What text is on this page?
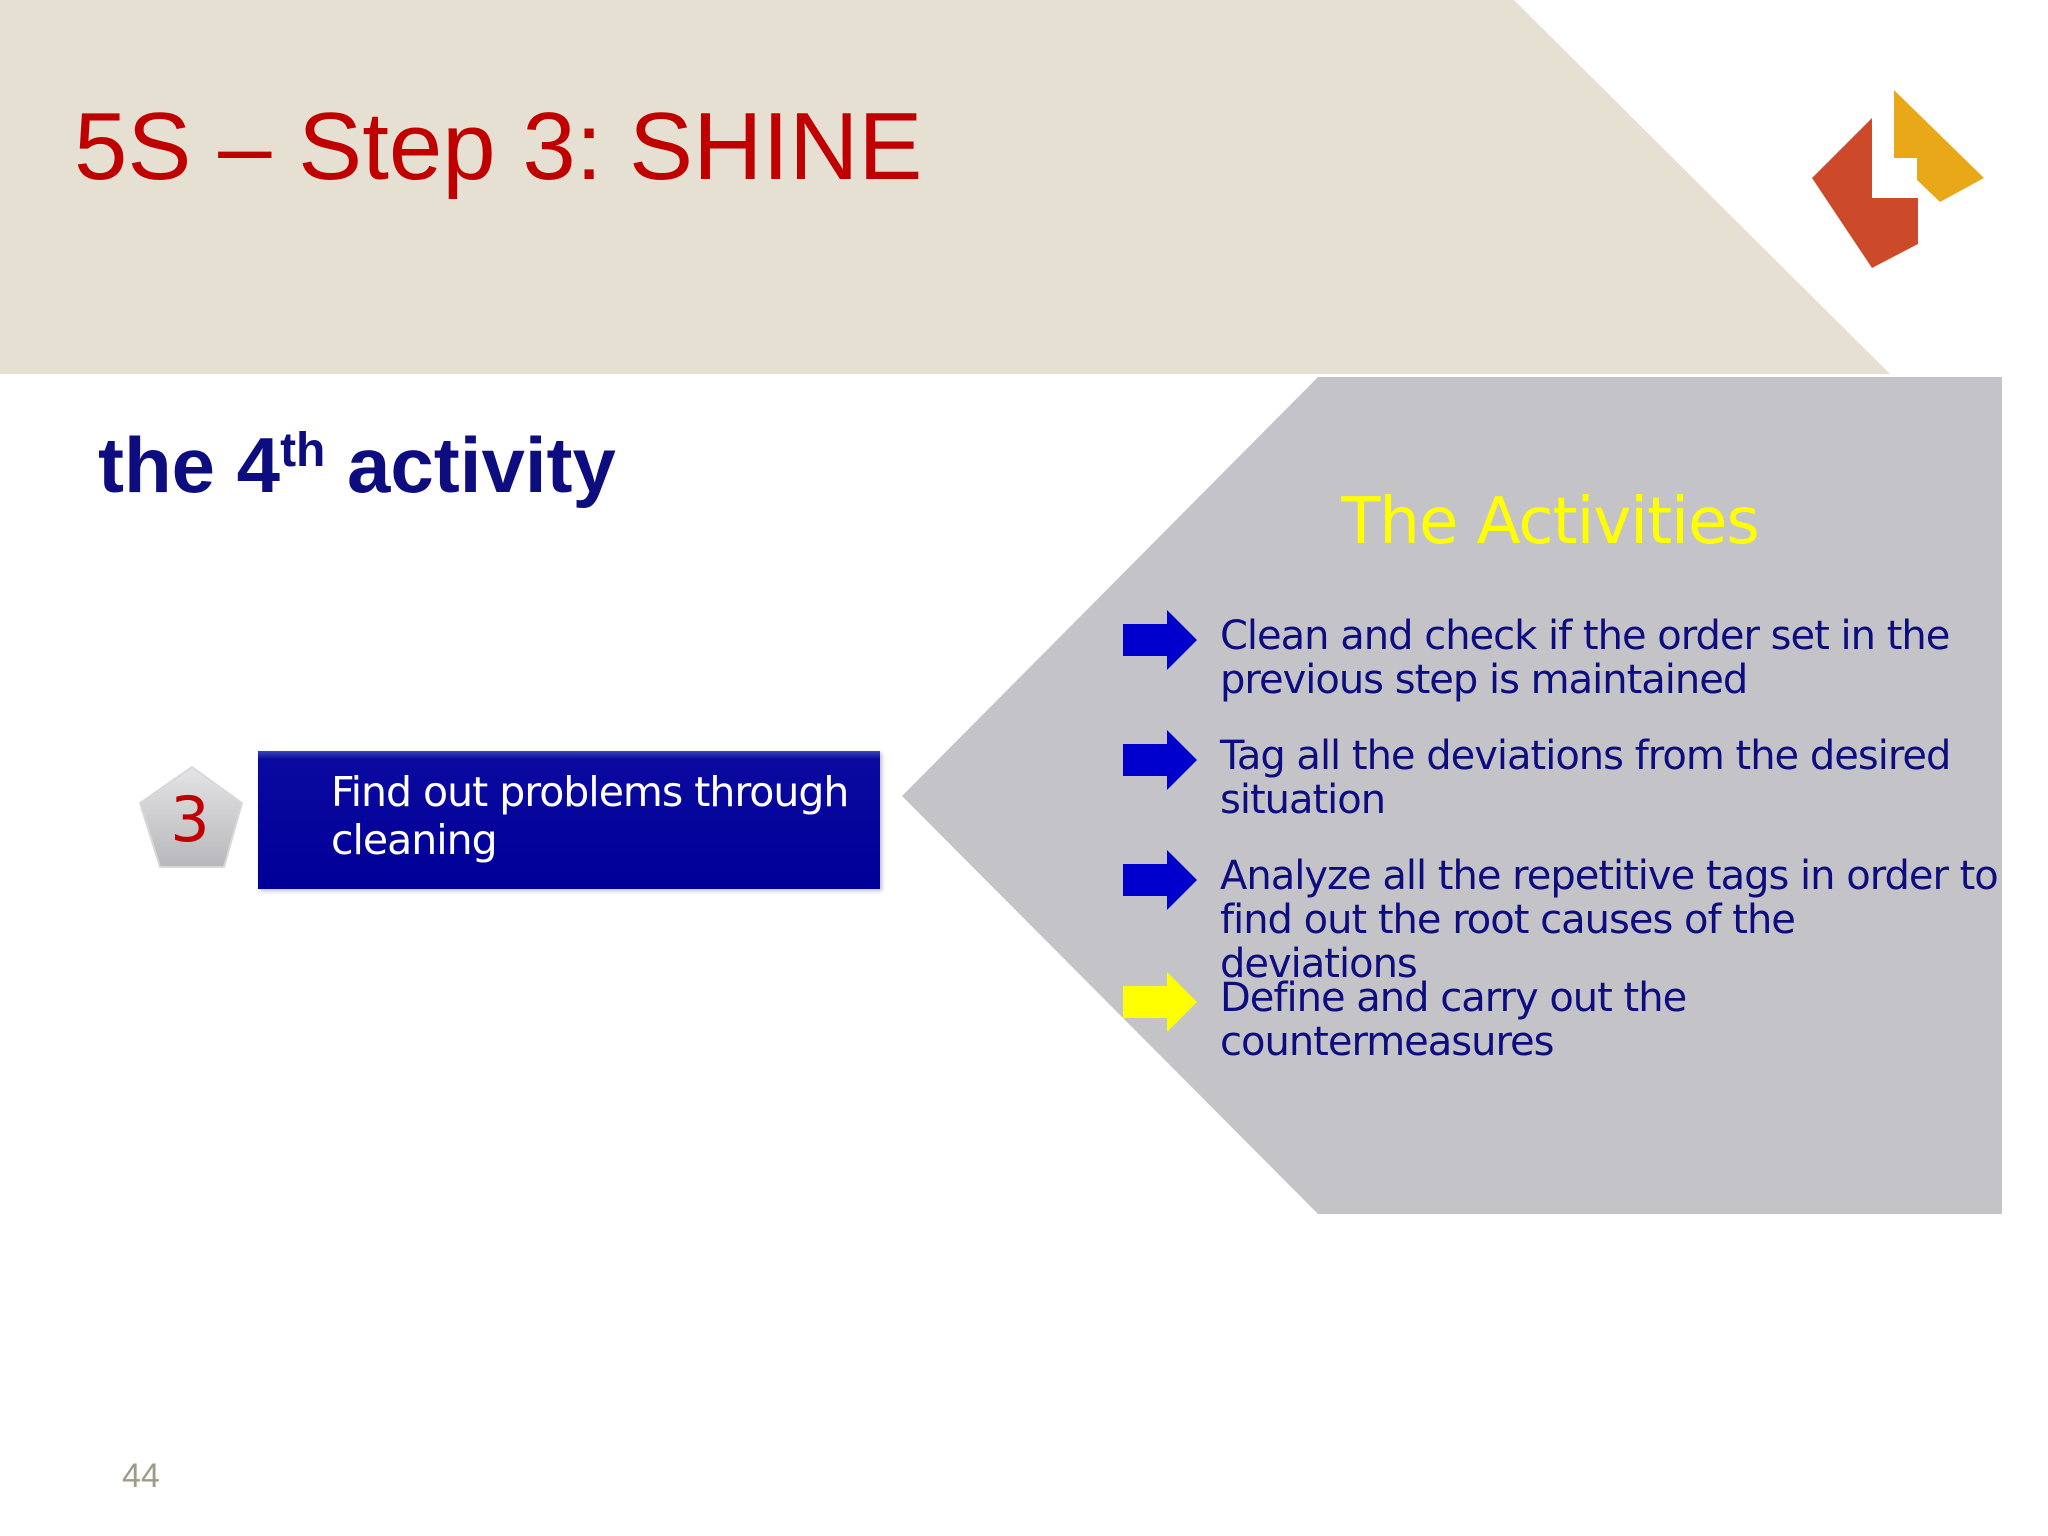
5S – Step 3: SHINE
the 4th activity
3	Find out problems through cleaning
The Activities
Clean and check if the order set in the previous step is maintained
Tag all the deviations from the desired situation
Analyze all the repetitive tags in order to find out the root causes of the deviations
Define and carry out the countermeasures
44
